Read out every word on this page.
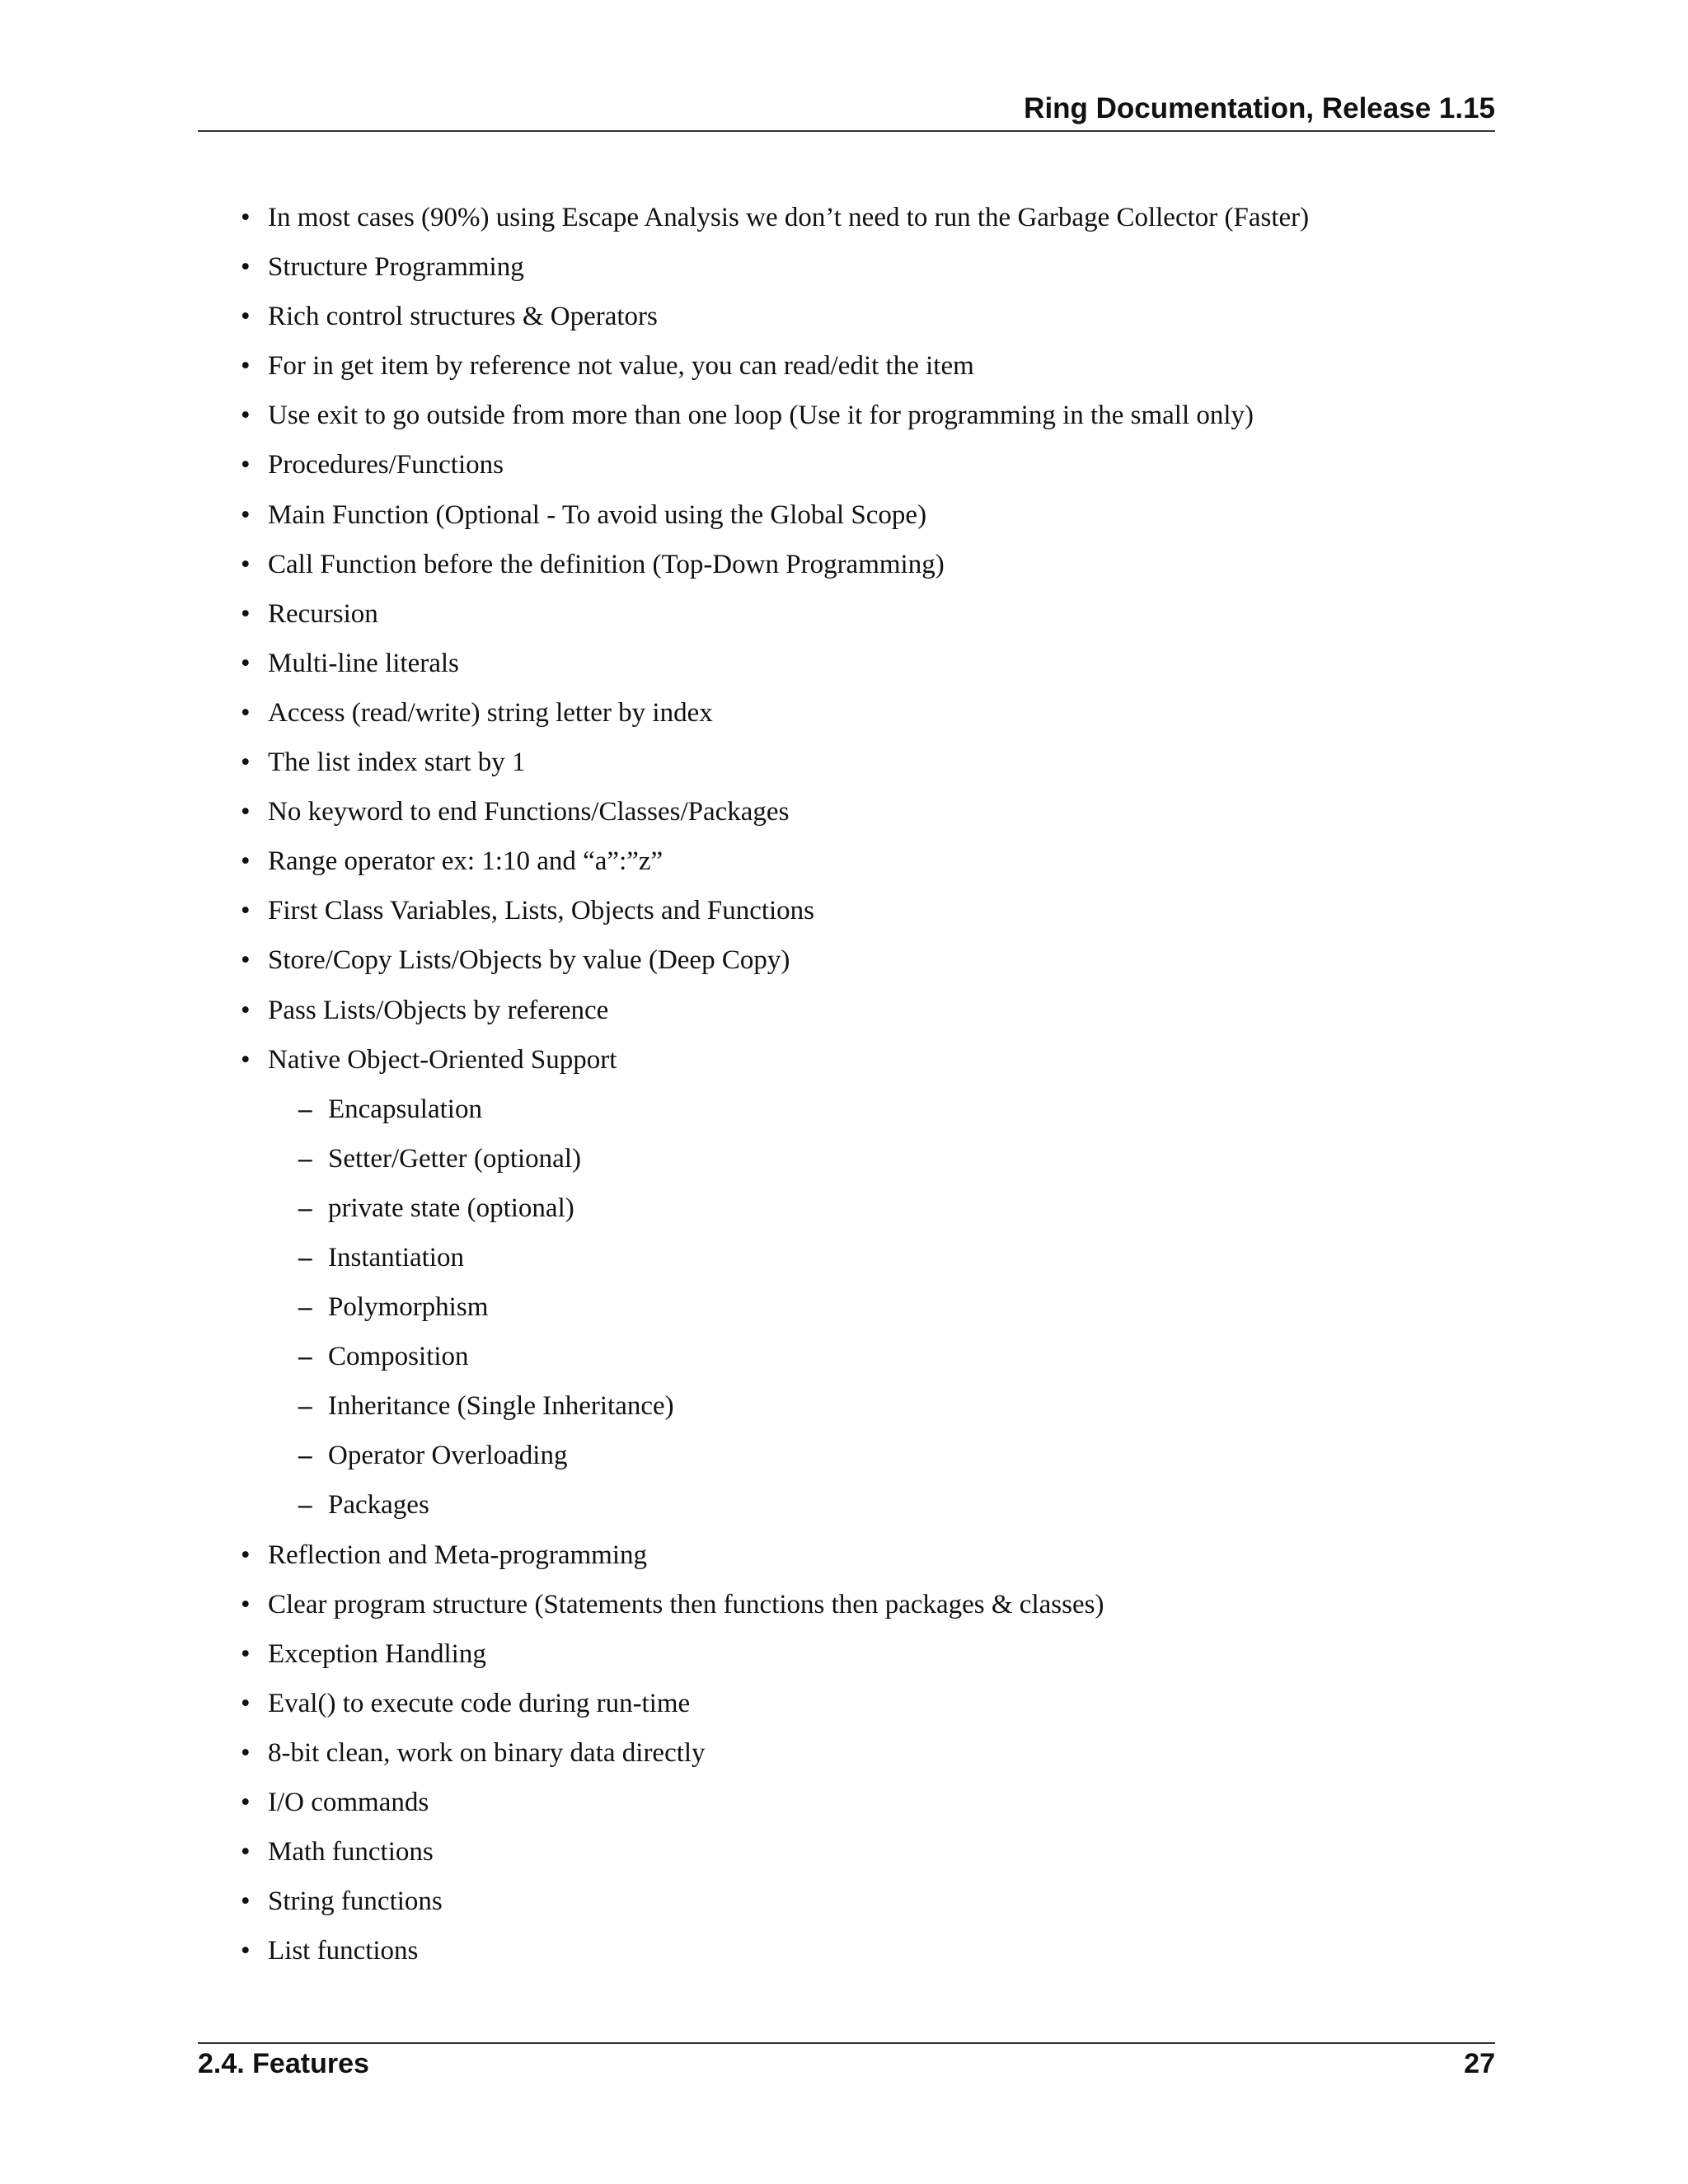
Ring Documentation, Release 1.15
• In most cases (90%) using Escape Analysis we don’t need to run the Garbage Collector (Faster)
• Structure Programming
• Rich control structures & Operators
• For in get item by reference not value, you can read/edit the item
• Use exit to go outside from more than one loop (Use it for programming in the small only)
• Procedures/Functions
• Main Function (Optional - To avoid using the Global Scope)
• Call Function before the definition (Top-Down Programming)
• Recursion
• Multi-line literals
• Access (read/write) string letter by index
• The list index start by 1
• No keyword to end Functions/Classes/Packages
• Range operator ex: 1:10 and “a”:”z”
• First Class Variables, Lists, Objects and Functions
• Store/Copy Lists/Objects by value (Deep Copy)
• Pass Lists/Objects by reference
• Native Object-Oriented Support
– Encapsulation
– Setter/Getter (optional)
– private state (optional)
– Instantiation
– Polymorphism
– Composition
– Inheritance (Single Inheritance)
– Operator Overloading
– Packages
• Reflection and Meta-programming
• Clear program structure (Statements then functions then packages & classes)
• Exception Handling
• Eval() to execute code during run-time
• 8-bit clean, work on binary data directly
• I/O commands
• Math functions
• String functions
• List functions
2.4. Features	27
